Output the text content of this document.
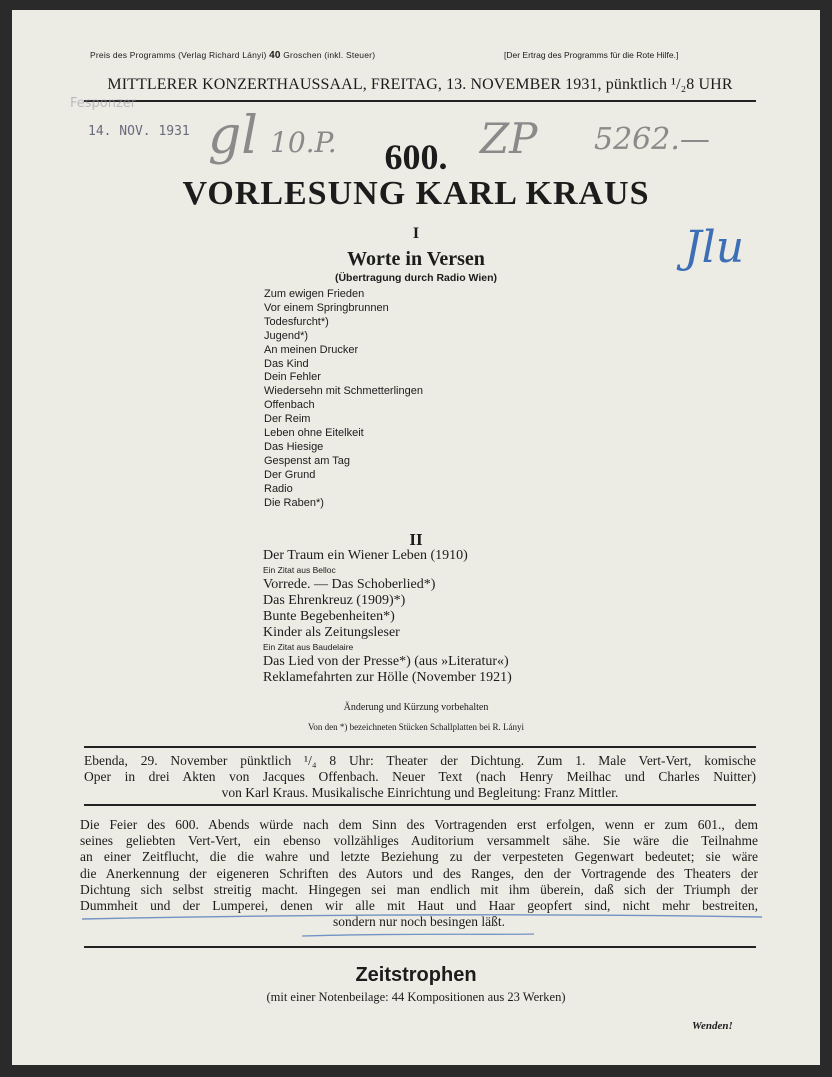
Preis des Programms (Verlag Richard Lányi) 40 Groschen (inkl. Steuer)	[Der Ertrag des Programms für die Rote Hilfe.]
MITTLERER KONZERTHAUSSAAL, FREITAG, 13. NOVEMBER 1931, pünktlich ¹/₂8 UHR
Fesponzer
14. NOV. 1931 gl 10.P.	ZP 5262.—
Jlu
600.
VORLESUNG KARL KRAUS
I
Worte in Versen
(Übertragung durch Radio Wien)
Zum ewigen Frieden
Vor einem Springbrunnen
Todesfurcht*)
Jugend*)
An meinen Drucker
Das Kind
Dein Fehler
Wiedersehn mit Schmetterlingen
Offenbach
Der Reim
Leben ohne Eitelkeit
Das Hiesige
Gespenst am Tag
Der Grund
Radio
Die Raben*)
II
Der Traum ein Wiener Leben (1910)
Ein Zitat aus Belloc
Vorrede. — Das Schoberlied*)
Das Ehrenkreuz (1909)*)
Bunte Begebenheiten*)
Kinder als Zeitungsleser
Ein Zitat aus Baudelaire
Das Lied von der Presse*) (aus »Literatur«)
Reklamefahrten zur Hölle (November 1921)
Änderung und Kürzung vorbehalten
Von den *) bezeichneten Stücken Schallplatten bei R. Lányi
Ebenda, 29. November pünktlich ¹/₄ 8 Uhr: Theater der Dichtung. Zum 1. Male Vert-Vert, komische
Oper in drei Akten von Jacques Offenbach. Neuer Text (nach Henry Meilhac und Charles Nuitter)
von Karl Kraus. Musikalische Einrichtung und Begleitung: Franz Mittler.
Die Feier des 600. Abends würde nach dem Sinn des Vortragenden erst erfolgen, wenn er zum 601., dem
seines geliebten Vert-Vert, ein ebenso vollzähliges Auditorium versammelt sähe. Sie wäre die Teilnahme
an einer Zeitflucht, die die wahre und letzte Beziehung zu der verpesteten Gegenwart bedeutet; sie wäre
die Anerkennung der eigeneren Schriften des Autors und des Ranges, den der Vortragende des Theaters der
Dichtung sich selbst streitig macht. Hingegen sei man endlich mit ihm überein, daß sich der Triumph der
Dummheit und der Lumperei, denen wir alle mit Haut und Haar geopfert sind, nicht mehr bestreiten,
sondern nur noch besingen läßt.
Zeitstrophen
(mit einer Notenbeilage: 44 Kompositionen aus 23 Werken)
Wenden!
